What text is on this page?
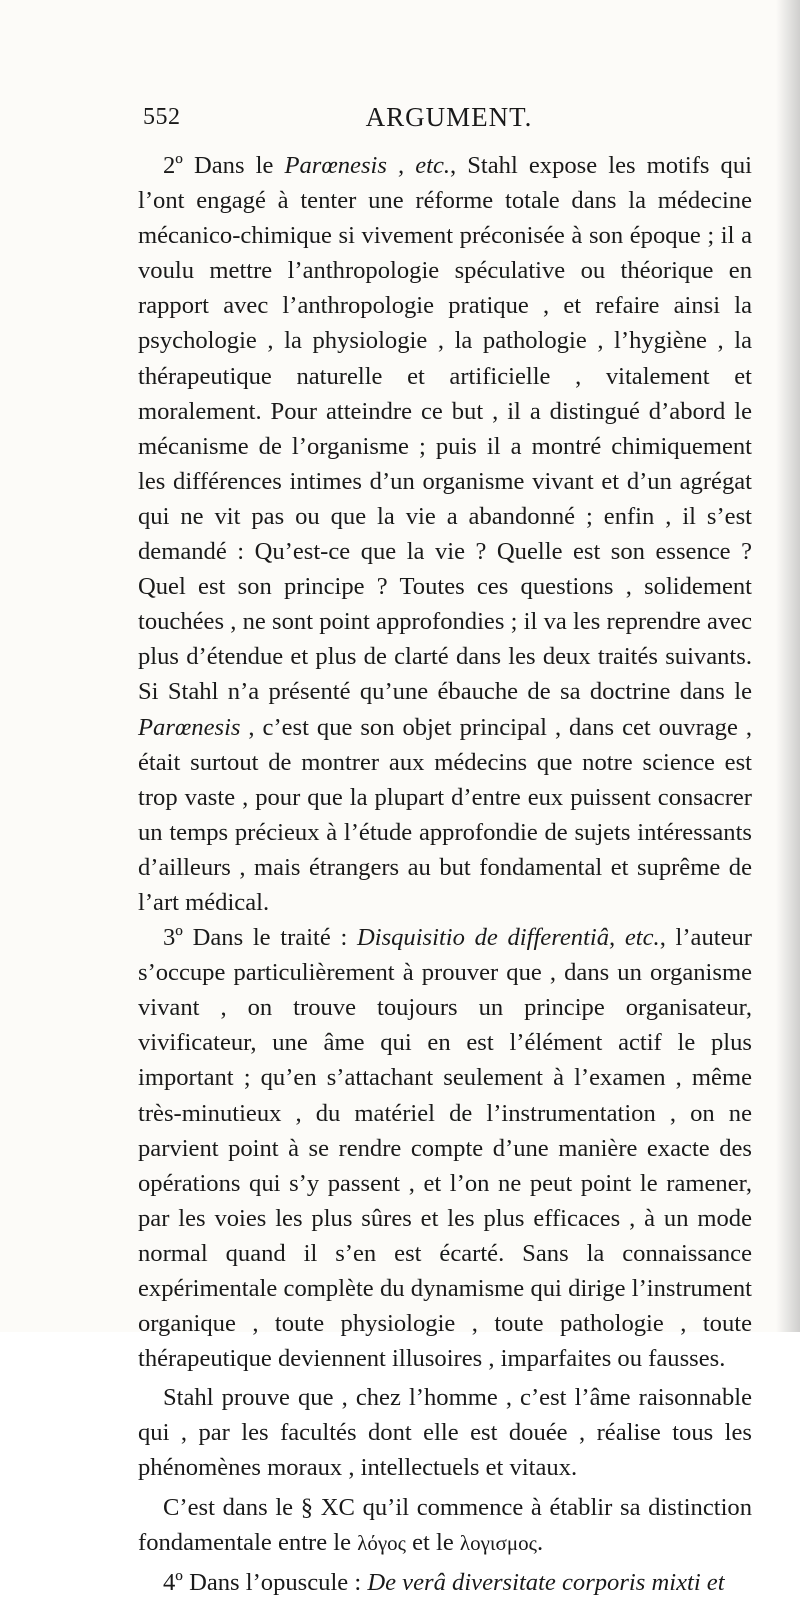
552	ARGUMENT.

2º Dans le Parœnesis , etc., Stahl expose les motifs qui l’ont engagé à tenter une réforme totale dans la médecine mécanico-chimique si vivement préconisée à son époque ; il a voulu mettre l’anthropologie spéculative ou théorique en rapport avec l’anthropologie pratique , et refaire ainsi la psychologie , la physiologie , la pathologie , l’hygiène , la thérapeutique naturelle et artificielle , vitalement et moralement. Pour atteindre ce but , il a distingué d’abord le mécanisme de l’organisme ; puis il a montré chimiquement les différences intimes d’un organisme vivant et d’un agrégat qui ne vit pas ou que la vie a abandonné ; enfin , il s’est demandé : Qu’est-ce que la vie ? Quelle est son essence ? Quel est son principe ? Toutes ces questions , solidement touchées , ne sont point approfondies ; il va les reprendre avec plus d’étendue et plus de clarté dans les deux traités suivants. Si Stahl n’a présenté qu’une ébauche de sa doctrine dans le Parœnesis , c’est que son objet principal , dans cet ouvrage , était surtout de montrer aux médecins que notre science est trop vaste , pour que la plupart d’entre eux puissent consacrer un temps précieux à l’étude approfondie de sujets intéressants d’ailleurs , mais étrangers au but fondamental et suprême de l’art médical.

3º Dans le traité : Disquisitio de differentiâ, etc., l’auteur s’occupe particulièrement à prouver que , dans un organisme vivant , on trouve toujours un principe organisateur, vivificateur, une âme qui en est l’élément actif le plus important ; qu’en s’attachant seulement à l’examen , même très-minutieux , du matériel de l’instrumentation , on ne parvient point à se rendre compte d’une manière exacte des opérations qui s’y passent , et l’on ne peut point le ramener, par les voies les plus sûres et les plus efficaces , à un mode normal quand il s’en est écarté. Sans la connaissance expérimentale complète du dynamisme qui dirige l’instrument organique , toute physiologie , toute pathologie , toute thérapeutique deviennent illusoires , imparfaites ou fausses.

Stahl prouve que , chez l’homme , c’est l’âme raisonnable qui , par les facultés dont elle est douée , réalise tous les phénomènes moraux , intellectuels et vitaux.

C’est dans le § XC qu’il commence à établir sa distinction fondamentale entre le λόγος et le λογισμος.

4º Dans l’opuscule : De verâ diversitate corporis mixti et
